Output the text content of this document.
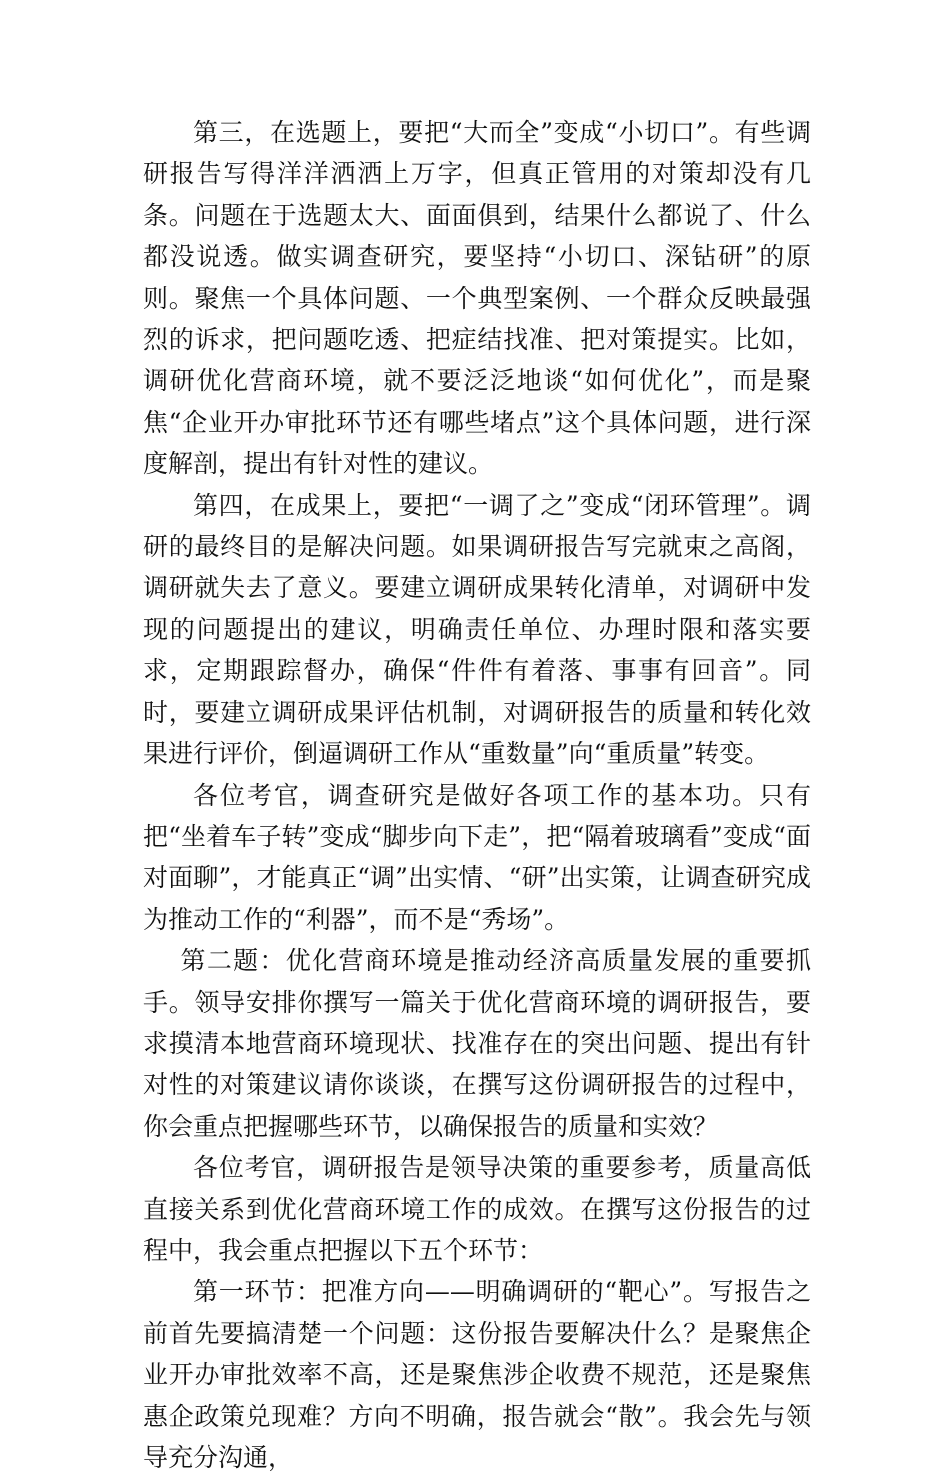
第三，在选题上，要把“大而全”变成“小切口”。有些调研报告写得洋洋洒洒上万字，但真正管用的对策却没有几条。问题在于选题太大、面面俱到，结果什么都说了、什么都没说透。做实调查研究，要坚持“小切口、深钻研”的原则。聚焦一个具体问题、一个典型案例、一个群众反映最强烈的诉求，把问题吃透、把症结找准、把对策提实。比如，调研优化营商环境，就不要泛泛地谈“如何优化”，而是聚焦“企业开办审批环节还有哪些堵点”这个具体问题，进行深度解剖，提出有针对性的建议。

第四，在成果上，要把“一调了之”变成“闭环管理”。调研的最终目的是解决问题。如果调研报告写完就束之高阁，调研就失去了意义。要建立调研成果转化清单，对调研中发现的问题提出的建议，明确责任单位、办理时限和落实要求，定期跟踪督办，确保“件件有着落、事事有回音”。同时，要建立调研成果评估机制，对调研报告的质量和转化效果进行评价，倒逼调研工作从“重数量”向“重质量”转变。

各位考官，调查研究是做好各项工作的基本功。只有把“坐着车子转”变成“脚步向下走”，把“隔着玻璃看”变成“面对面聊”，才能真正“调”出实情、“研”出实策，让调查研究成为推动工作的“利器”，而不是“秀场”。

第二题：优化营商环境是推动经济高质量发展的重要抓手。领导安排你撰写一篇关于优化营商环境的调研报告，要求摸清本地营商环境现状、找准存在的突出问题、提出有针对性的对策建议请你谈谈，在撰写这份调研报告的过程中，你会重点把握哪些环节，以确保报告的质量和实效？

各位考官，调研报告是领导决策的重要参考，质量高低直接关系到优化营商环境工作的成效。在撰写这份报告的过程中，我会重点把握以下五个环节：

第一环节：把准方向——明确调研的“靶心”。写报告之前首先要搞清楚一个问题：这份报告要解决什么？是聚焦企业开办审批效率不高，还是聚焦涉企收费不规范，还是聚焦惠企政策兑现难？方向不明确，报告就会“散”。我会先与领导充分沟通，
